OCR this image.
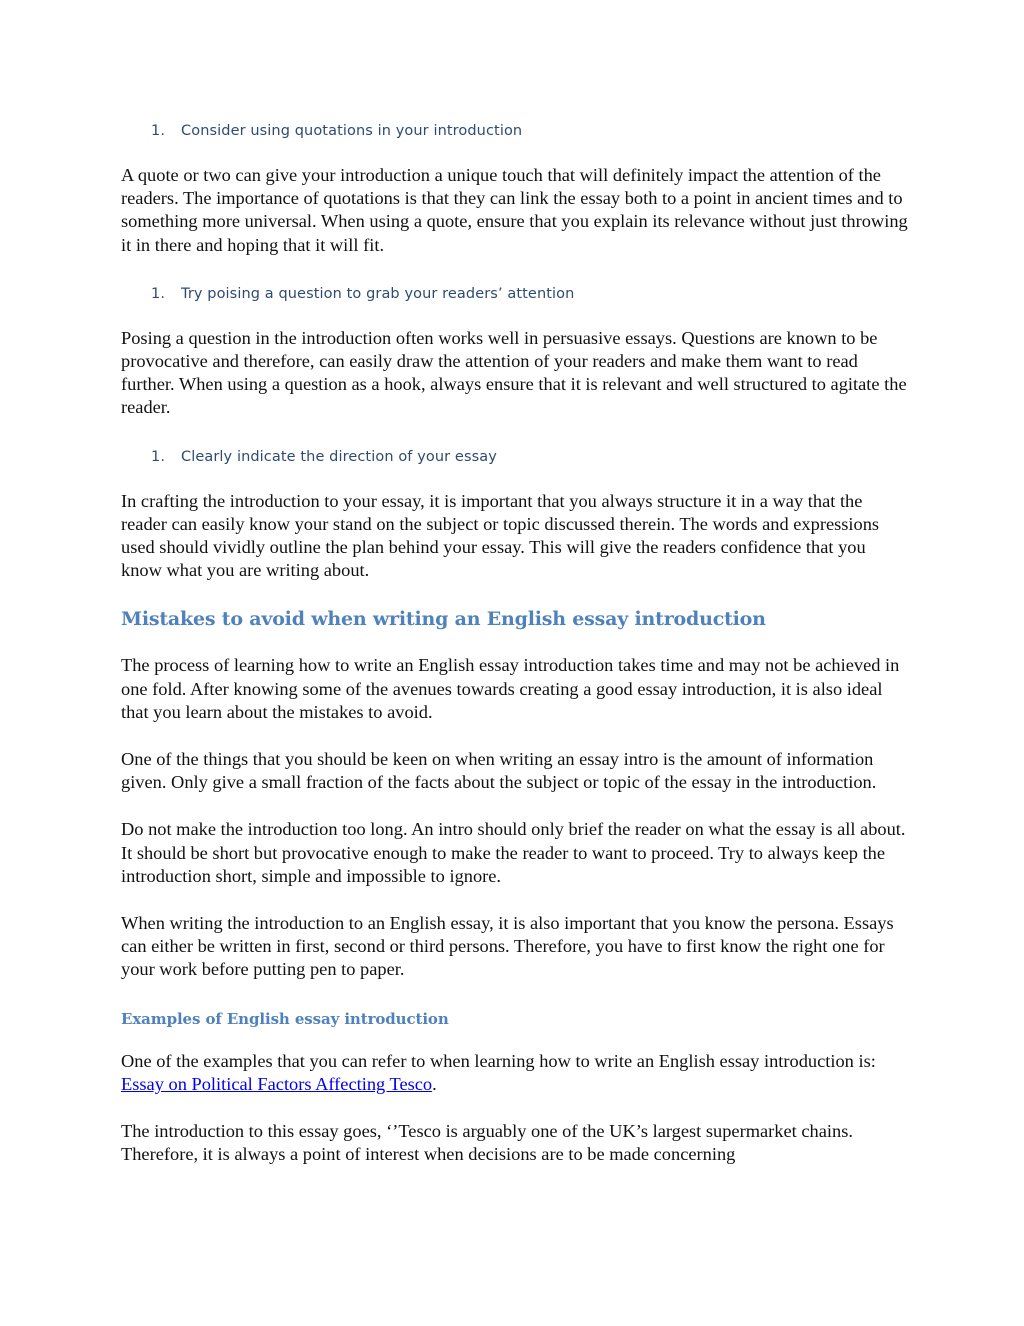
1. Consider using quotations in your introduction

A quote or two can give your introduction a unique touch that will definitely impact the attention of the readers. The importance of quotations is that they can link the essay both to a point in ancient times and to something more universal. When using a quote, ensure that you explain its relevance without just throwing it in there and hoping that it will fit.

1. Try poising a question to grab your readers’ attention

Posing a question in the introduction often works well in persuasive essays. Questions are known to be provocative and therefore, can easily draw the attention of your readers and make them want to read further. When using a question as a hook, always ensure that it is relevant and well structured to agitate the reader.

1. Clearly indicate the direction of your essay

In crafting the introduction to your essay, it is important that you always structure it in a way that the reader can easily know your stand on the subject or topic discussed therein. The words and expressions used should vividly outline the plan behind your essay. This will give the readers confidence that you know what you are writing about.

Mistakes to avoid when writing an English essay introduction

The process of learning how to write an English essay introduction takes time and may not be achieved in one fold. After knowing some of the avenues towards creating a good essay introduction, it is also ideal that you learn about the mistakes to avoid.

One of the things that you should be keen on when writing an essay intro is the amount of information given. Only give a small fraction of the facts about the subject or topic of the essay in the introduction.

Do not make the introduction too long. An intro should only brief the reader on what the essay is all about. It should be short but provocative enough to make the reader to want to proceed. Try to always keep the introduction short, simple and impossible to ignore.

When writing the introduction to an English essay, it is also important that you know the persona. Essays can either be written in first, second or third persons. Therefore, you have to first know the right one for your work before putting pen to paper.

Examples of English essay introduction

One of the examples that you can refer to when learning how to write an English essay introduction is: Essay on Political Factors Affecting Tesco.

The introduction to this essay goes, ‘’Tesco is arguably one of the UK’s largest supermarket chains. Therefore, it is always a point of interest when decisions are to be made concerning
